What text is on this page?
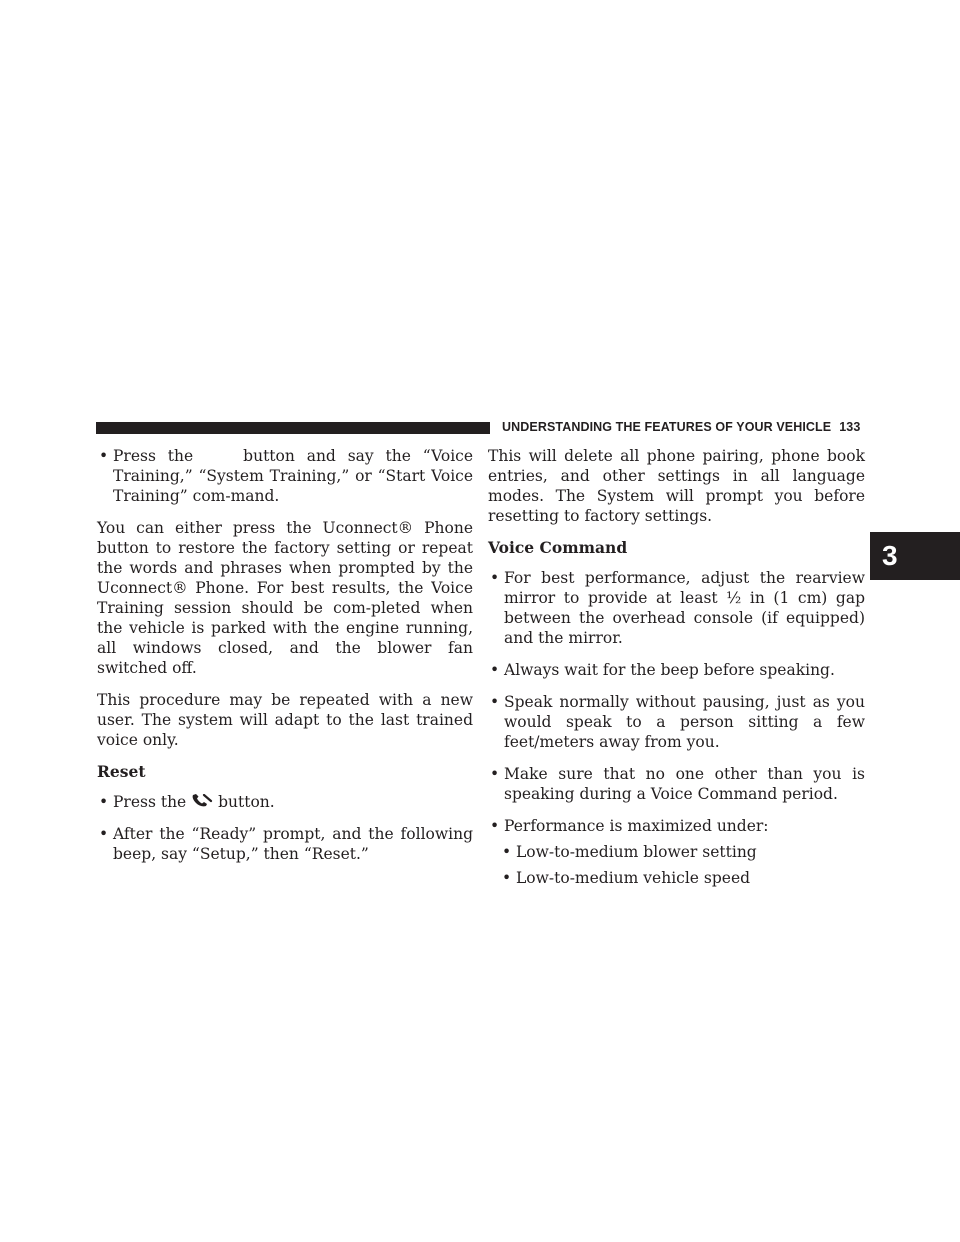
UNDERSTANDING THE FEATURES OF YOUR VEHICLE 133
3
• Press the	button and say the “Voice Training,” “System Training,” or “Start Voice Training” com-mand.

You can either press the Uconnect® Phone button to restore the factory setting or repeat the words and phrases when prompted by the Uconnect® Phone. For best results, the Voice Training session should be com-pleted when the vehicle is parked with the engine running, all windows closed, and the blower fan switched off.

This procedure may be repeated with a new user. The system will adapt to the last trained voice only.

Reset
• Press the button.
• After the “Ready” prompt, and the following beep, say “Setup,” then “Reset.”

This will delete all phone pairing, phone book entries, and other settings in all language modes. The System will prompt you before resetting to factory settings.

Voice Command
• For best performance, adjust the rearview mirror to provide at least ½ in (1 cm) gap between the overhead console (if equipped) and the mirror.
• Always wait for the beep before speaking.
• Speak normally without pausing, just as you would speak to a person sitting a few feet/meters away from you.
• Make sure that no one other than you is speaking during a Voice Command period.
• Performance is maximized under:
• Low-to-medium blower setting
• Low-to-medium vehicle speed
